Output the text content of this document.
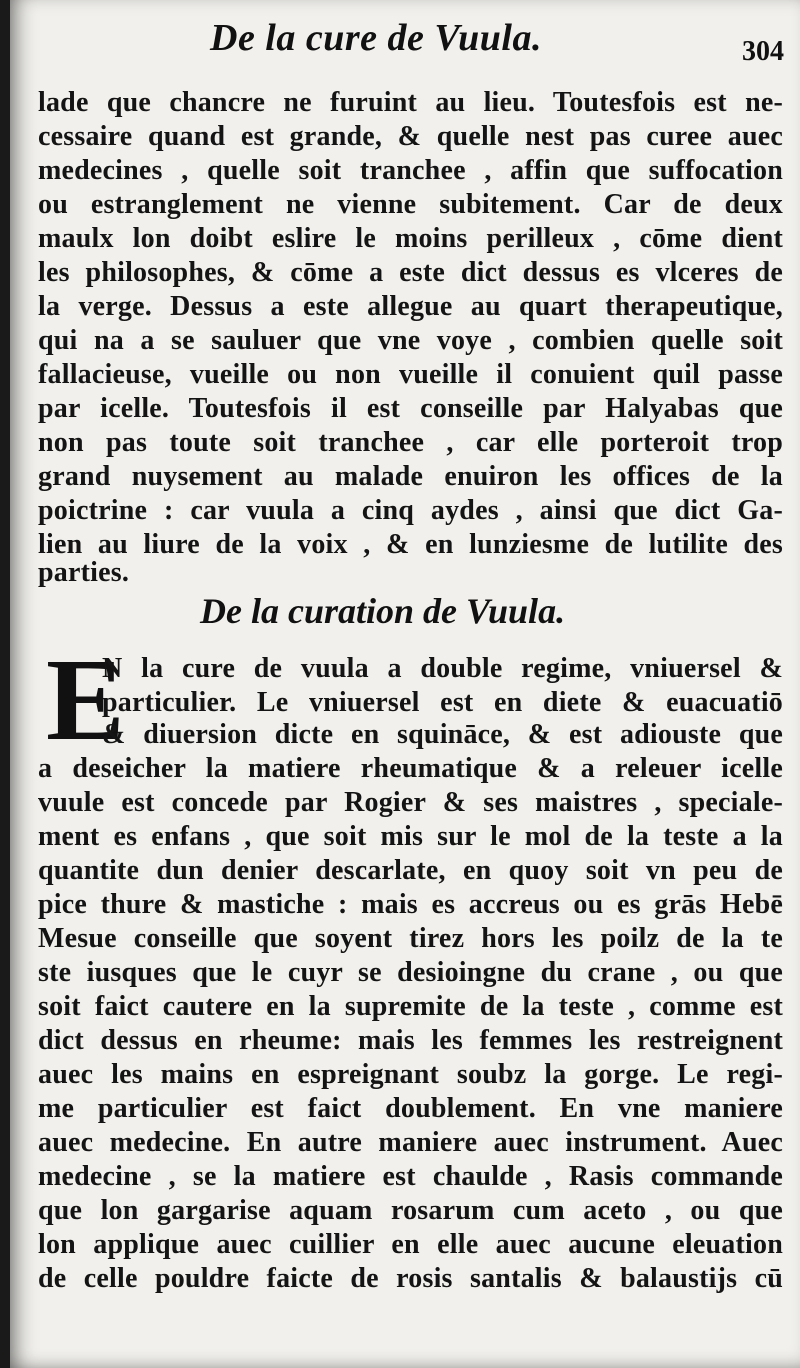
De la cure de Vuula.	304
lade que chancre ne furuint au lieu. Toutesfois est ne-
cessaire quand est grande, & quelle nest pas curee auec
medecines , quelle soit tranchee , affin que suffocation
ou estranglement ne vienne subitement. Car de deux
maulx lon doibt eslire le moins perilleux , cōme dient
les philosophes, & cōme a este dict dessus es vlceres de
la verge. Dessus a este allegue au quart therapeutique,
qui na a se sauluer que vne voye , combien quelle soit
fallacieuse, vueille ou non vueille il conuient quil passe
par icelle. Toutesfois il est conseille par Halyabas que
non pas toute soit tranchee , car elle porteroit trop
grand nuysement au malade enuiron les offices de la
poictrine : car vuula a cinq aydes , ainsi que dict Ga-
lien au liure de la voix , & en lunziesme de lutilite des
parties.
De la curation de Vuula.
E
N la cure de vuula a double regime, vniuersel &
particulier. Le vniuersel est en diete & euacuatiō
& diuersion dicte en squināce, & est adiouste que
a deseicher la matiere rheumatique & a releuer icelle
vuule est concede par Rogier & ses maistres , speciale-
ment es enfans , que soit mis sur le mol de la teste a la
quantite dun denier descarlate, en quoy soit vn peu de
pice thure & mastiche : mais es accreus ou es grās Hebē
Mesue conseille que soyent tirez hors les poilz de la te
ste iusques que le cuyr se desioingne du crane , ou que
soit faict cautere en la supremite de la teste , comme est
dict dessus en rheume: mais les femmes les restreignent
auec les mains en espreignant soubz la gorge. Le regi-
me particulier est faict doublement. En vne maniere
auec medecine. En autre maniere auec instrument. Auec
medecine , se la matiere est chaulde , Rasis commande
que lon gargarise aquam rosarum cum aceto , ou que
lon applique auec cuillier en elle auec aucune eleuation
de celle pouldre faicte de rosis santalis & balaustijs cū
